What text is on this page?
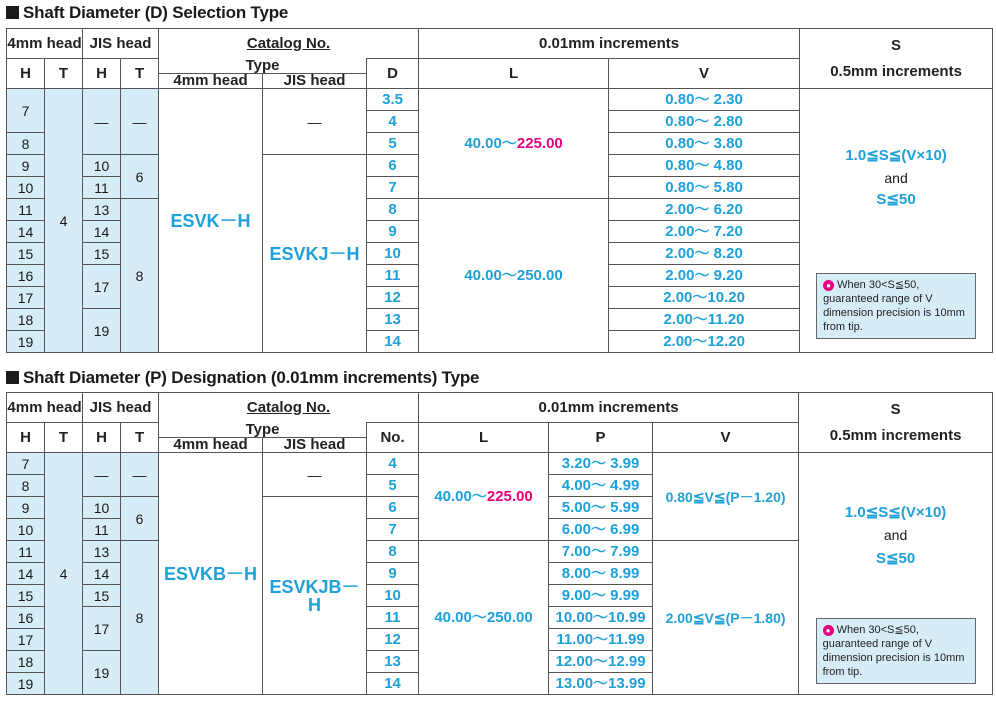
Shaft Diameter (D) Selection Type
4mm head		JIS head		Catalog No.			0.01mm increments		S
0.5mm increments

H	T	H	T	Type
4mm head JIS head		D	L	V	
7	4	—	—	ESVK－H	—	3.5	40.00～225.00	0.80～ 2.30	1.0≦S≦(V×10)
and
S≦50
● When 30<S≦50, guaranteed range of V dimension precision is 10mm from tip.

						4		0.80～ 2.80	
8						5		0.80～ 3.80	
9		10	6		ESVKJ－H	6		0.80～ 4.80	
10		11				7		0.80～ 5.80	
11		13	8			8	40.00～250.00	2.00～ 6.20	
14		14				9		2.00～ 7.20	
15		15				10		2.00～ 8.20	
16		17				11		2.00～ 9.20	
17						12		2.00～10.20	
18		19				13		2.00～11.20	
19						14		2.00～12.20	
Shaft Diameter (P) Designation (0.01mm increments) Type
4mm head		JIS head		Catalog No.			0.01mm increments			S
0.5mm increments

H	T	H	T	Type
4mm head JIS head		No.	L	P	V	
7	4	—	—	ESVKB－H	—	4	40.00～225.00	3.20～ 3.99	0.80≦V≦(P－1.20)	1.0≦S≦(V×10)
and
S≦50
● When 30<S≦50, guaranteed range of V dimension precision is 10mm from tip.

8						5		4.00～ 4.99		
9		10	6		ESVKJB－H	6		5.00～ 5.99		
10		11				7		6.00～ 6.99		
11		13	8			8	40.00～250.00	7.00～ 7.99	2.00≦V≦(P－1.80)	
14		14				9		8.00～ 8.99		
15		15				10		9.00～ 9.99		
16		17				11		10.00～10.99		
17						12		11.00～11.99		
18		19				13		12.00～12.99		
19						14		13.00～13.99		
